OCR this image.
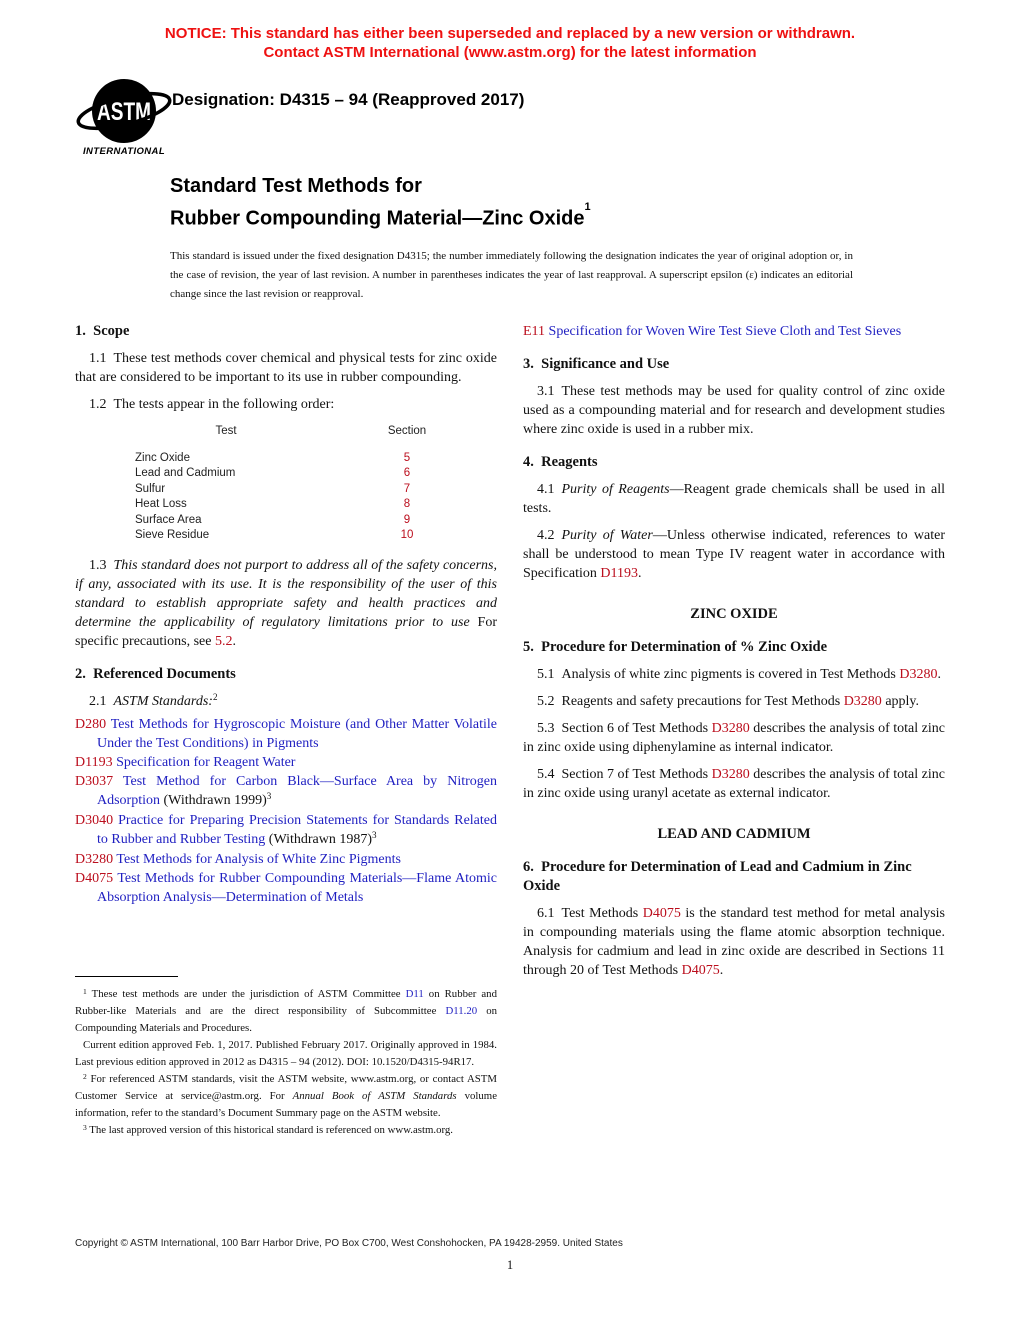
NOTICE: This standard has either been superseded and replaced by a new version or withdrawn.
Contact ASTM International (www.astm.org) for the latest information
ASTM
INTERNATIONAL
Designation: D4315 – 94 (Reapproved 2017)
Standard Test Methods for
Rubber Compounding Material—Zinc Oxide$^1$
This standard is issued under the fixed designation D4315; the number immediately following the designation indicates the year of original adoption or, in the case of revision, the year of last revision. A number in parentheses indicates the year of last reapproval. A superscript epsilon (ε) indicates an editorial change since the last revision or reapproval.
1. Scope

1.1 These test methods cover chemical and physical tests for zinc oxide that are considered to be important to its use in rubber compounding.

1.2 The tests appear in the following order:

Test	Section
Zinc Oxide	5
Lead and Cadmium	6
Sulfur	7
Heat Loss	8
Surface Area	9
Sieve Residue	10

1.3 This standard does not purport to address all of the safety concerns, if any, associated with its use. It is the responsibility of the user of this standard to establish appropriate safety and health practices and determine the applicability of regulatory limitations prior to use For specific precautions, see 5.2.

2. Referenced Documents

2.1 ASTM Standards:$^2$

D280 Test Methods for Hygroscopic Moisture (and Other Matter Volatile Under the Test Conditions) in Pigments

D1193 Specification for Reagent Water

D3037 Test Method for Carbon Black—Surface Area by Nitrogen Adsorption (Withdrawn 1999)$^3$

D3040 Practice for Preparing Precision Statements for Standards Related to Rubber and Rubber Testing (Withdrawn 1987)$^3$

D3280 Test Methods for Analysis of White Zinc Pigments

D4075 Test Methods for Rubber Compounding Materials—Flame Atomic Absorption Analysis—Determination of Metals

E11 Specification for Woven Wire Test Sieve Cloth and Test Sieves

3. Significance and Use

3.1 These test methods may be used for quality control of zinc oxide used as a compounding material and for research and development studies where zinc oxide is used in a rubber mix.

4. Reagents

4.1 Purity of Reagents—Reagent grade chemicals shall be used in all tests.

4.2 Purity of Water—Unless otherwise indicated, references to water shall be understood to mean Type IV reagent water in accordance with Specification D1193.

ZINC OXIDE
5. Procedure for Determination of % Zinc Oxide

5.1 Analysis of white zinc pigments is covered in Test Methods D3280.

5.2 Reagents and safety precautions for Test Methods D3280 apply.

5.3 Section 6 of Test Methods D3280 describes the analysis of total zinc in zinc oxide using diphenylamine as internal indicator.

5.4 Section 7 of Test Methods D3280 describes the analysis of total zinc in zinc oxide using uranyl acetate as external indicator.

LEAD AND CADMIUM
6. Procedure for Determination of Lead and Cadmium in Zinc Oxide

6.1 Test Methods D4075 is the standard test method for metal analysis in compounding materials using the flame atomic absorption technique. Analysis for cadmium and lead in zinc oxide are described in Sections 11 through 20 of Test Methods D4075.

$^1$ These test methods are under the jurisdiction of ASTM Committee D11 on Rubber and Rubber-like Materials and are the direct responsibility of Subcommittee D11.20 on Compounding Materials and Procedures.

Current edition approved Feb. 1, 2017. Published February 2017. Originally approved in 1984. Last previous edition approved in 2012 as D4315 – 94 (2012). DOI: 10.1520/D4315-94R17.

$^2$ For referenced ASTM standards, visit the ASTM website, www.astm.org, or contact ASTM Customer Service at service@astm.org. For Annual Book of ASTM Standards volume information, refer to the standard’s Document Summary page on the ASTM website.

$^3$ The last approved version of this historical standard is referenced on www.astm.org.

Copyright © ASTM International, 100 Barr Harbor Drive, PO Box C700, West Conshohocken, PA 19428-2959. United States
1
